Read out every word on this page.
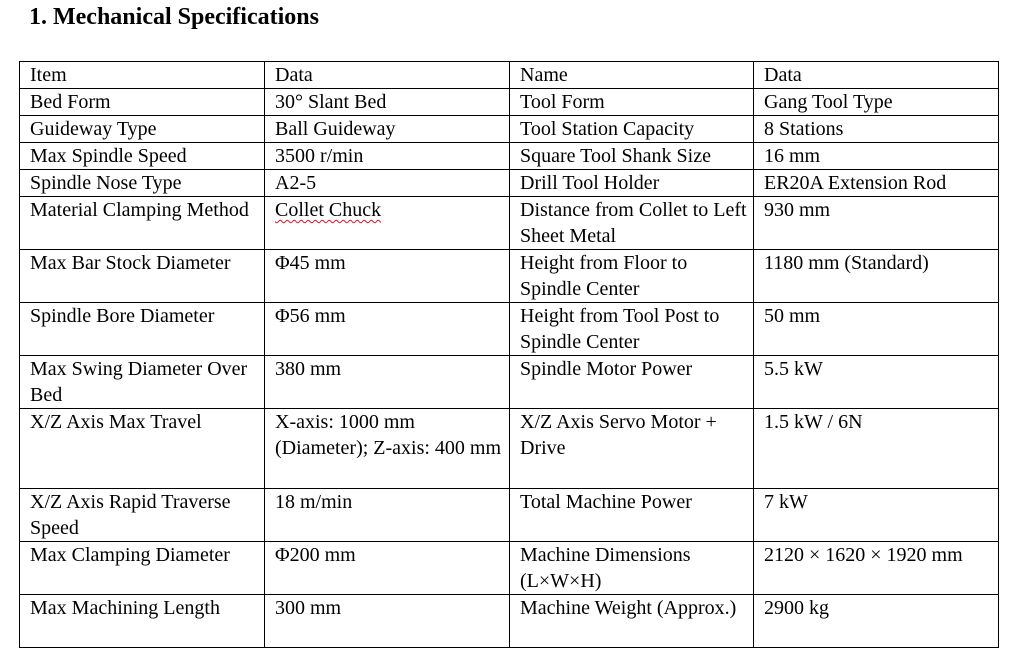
1. Mechanical Specifications
Item	Data	Name	Data
Bed Form	30° Slant Bed	Tool Form	Gang Tool Type
Guideway Type	Ball Guideway	Tool Station Capacity	8 Stations
Max Spindle Speed	3500 r/min	Square Tool Shank Size	16 mm
Spindle Nose Type	A2-5	Drill Tool Holder	ER20A Extension Rod
Material Clamping Method	Collet Chuck	Distance from Collet to Left Sheet Metal	930 mm
Max Bar Stock Diameter	Φ45 mm	Height from Floor to Spindle Center	1180 mm (Standard)
Spindle Bore Diameter	Φ56 mm	Height from Tool Post to Spindle Center	50 mm
Max Swing Diameter Over Bed	380 mm	Spindle Motor Power	5.5 kW
X/Z Axis Max Travel	X-axis: 1000 mm (Diameter); Z-axis: 400 mm	X/Z Axis Servo Motor + Drive	1.5 kW / 6N
X/Z Axis Rapid Traverse Speed	18 m/min	Total Machine Power	7 kW
Max Clamping Diameter	Φ200 mm	Machine Dimensions (L×W×H)	2120 × 1620 × 1920 mm
Max Machining Length	300 mm	Machine Weight (Approx.)	2900 kg
